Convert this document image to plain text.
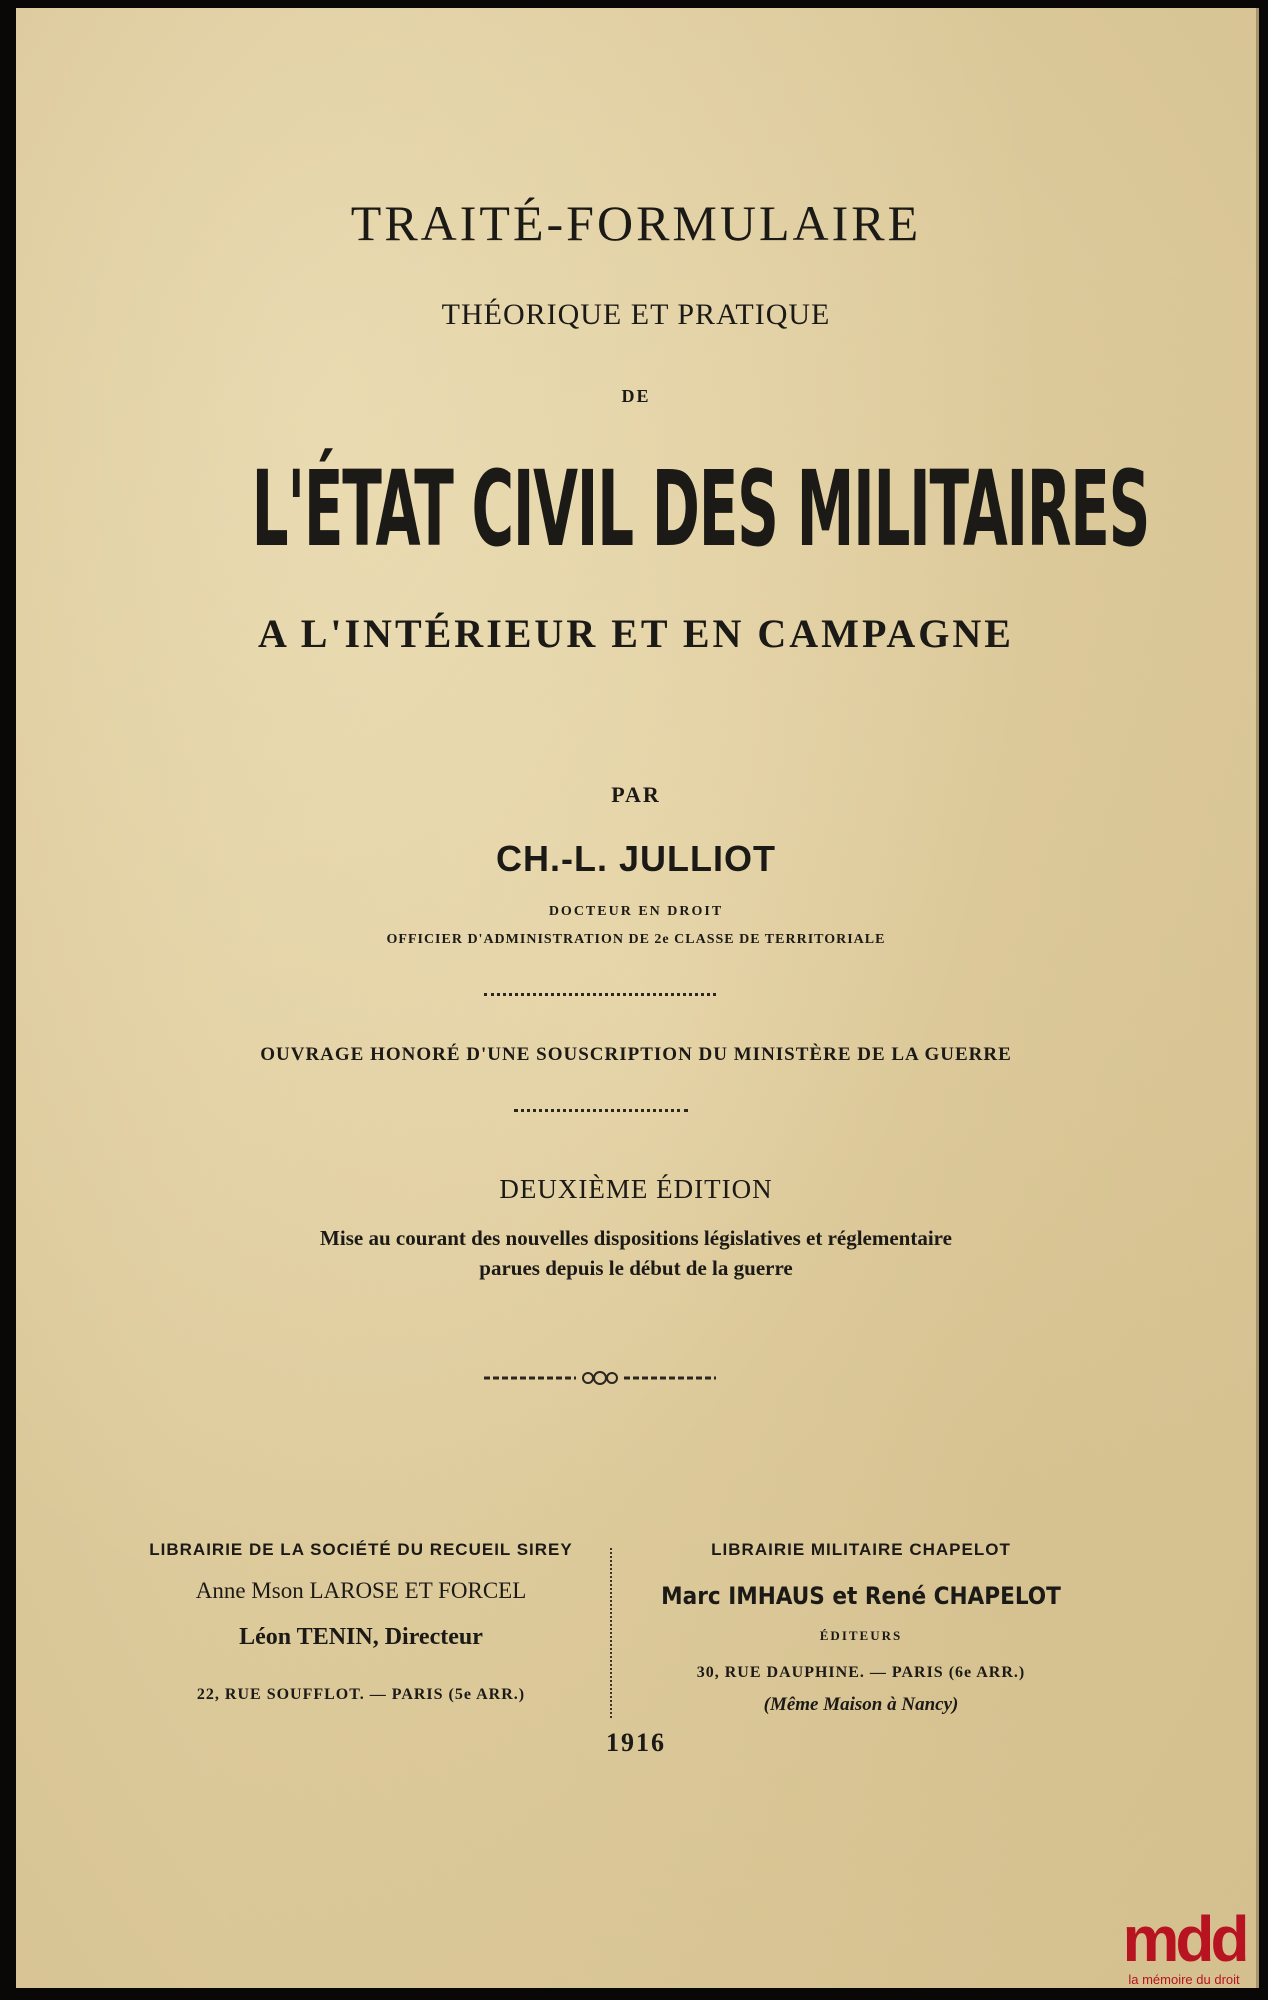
TRAITÉ-FORMULAIRE
THÉORIQUE ET PRATIQUE
DE
L'ÉTAT CIVIL DES MILITAIRES
A L'INTÉRIEUR ET EN CAMPAGNE
PAR
CH.-L. JULLIOT
DOCTEUR EN DROIT
OFFICIER D'ADMINISTRATION DE 2e CLASSE DE TERRITORIALE
OUVRAGE HONORÉ D'UNE SOUSCRIPTION DU MINISTÈRE DE LA GUERRE
DEUXIÈME ÉDITION
Mise au courant des nouvelles dispositions législatives et réglementaire
parues depuis le début de la guerre
LIBRAIRIE DE LA SOCIÉTÉ DU RECUEIL SIREY
Anne Mson LAROSE ET FORCEL
Léon TENIN, Directeur
22, RUE SOUFFLOT. — PARIS (5e ARR.)
LIBRAIRIE MILITAIRE CHAPELOT
Marc IMHAUS et René CHAPELOT
ÉDITEURS
30, RUE DAUPHINE. — PARIS (6e ARR.)
(Même Maison à Nancy)
1916
mdd
la mémoire du droit
